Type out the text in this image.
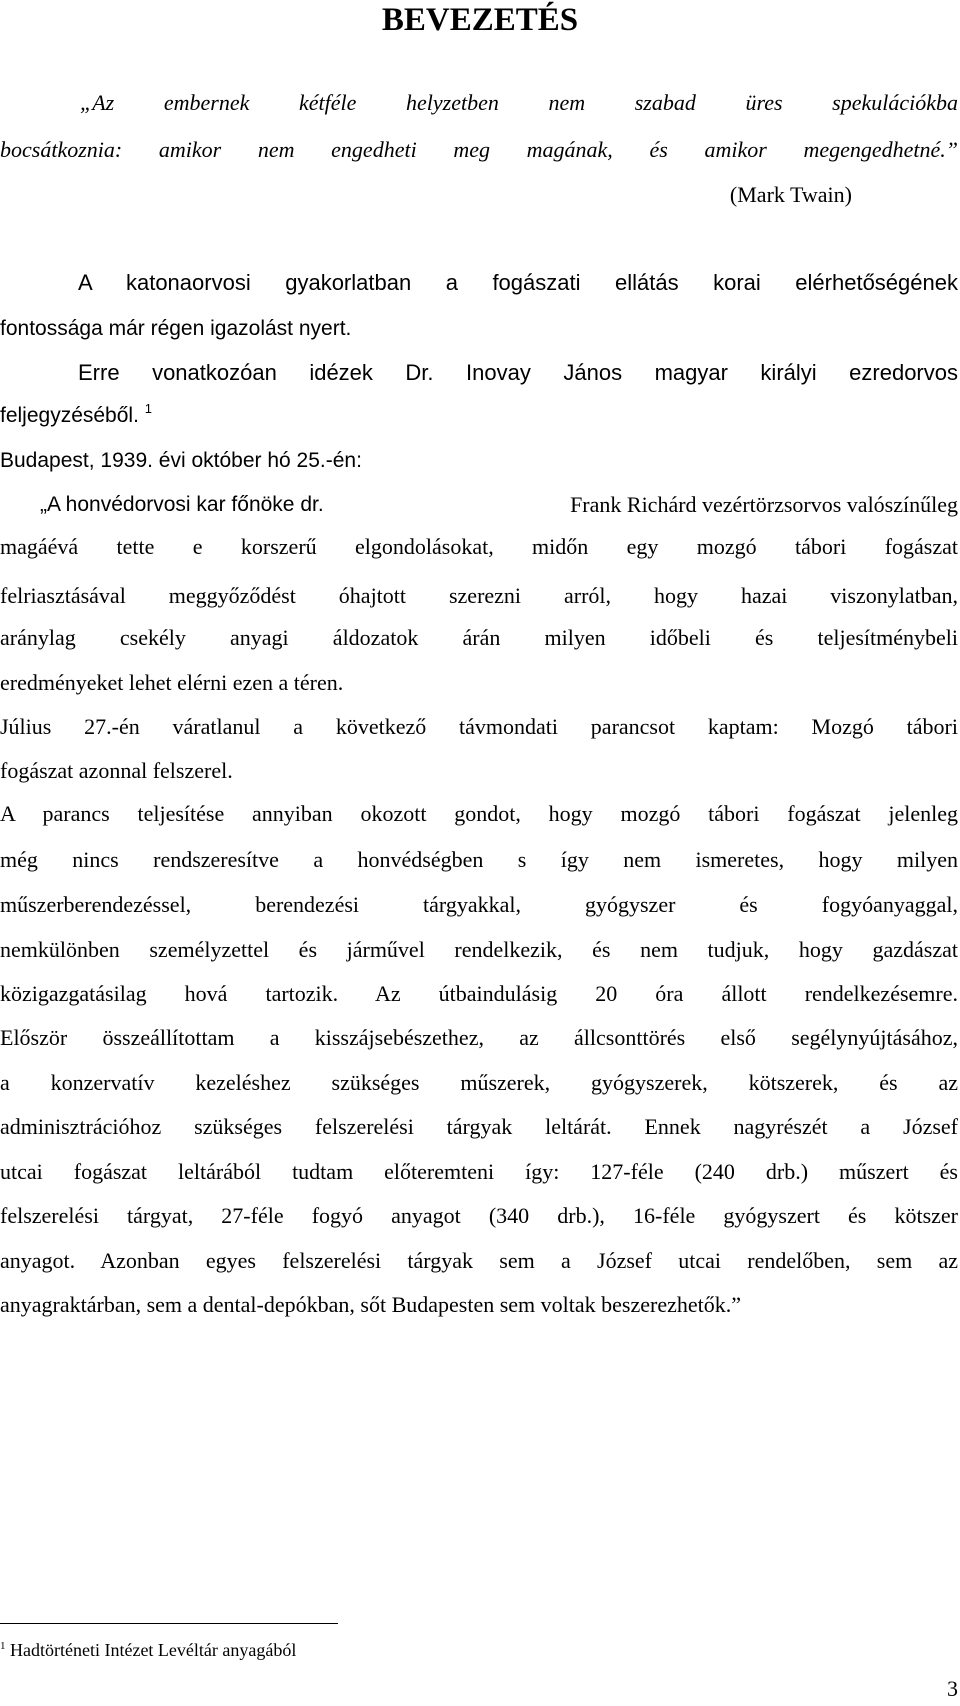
BEVEZETÉS
„Az embernek kétféle helyzetben nem szabad üres spekulációkba
bocsátkoznia: amikor nem engedheti meg magának, és amikor megengedhetné.”
(Mark Twain)
A katonaorvosi gyakorlatban a fogászati ellátás korai elérhetőségének
fontossága már régen igazolást nyert.
Erre vonatkozóan idézek Dr. Inovay János magyar királyi ezredorvos
feljegyzéséből. $^1$
Budapest, 1939. évi október hó 25.-én:
„A honvédorvosi kar főnöke dr.	Frank Richárd vezértörzsorvos valószínűleg
magáévá tette e korszerű elgondolásokat, midőn egy mozgó tábori fogászat
felriasztásával meggyőződést óhajtott szerezni arról, hogy hazai viszonylatban,
aránylag csekély anyagi áldozatok árán milyen időbeli és teljesítménybeli
eredményeket lehet elérni ezen a téren.
Július 27.-én váratlanul a következő távmondati parancsot kaptam: Mozgó tábori
fogászat azonnal felszerel.
A parancs teljesítése annyiban okozott gondot, hogy mozgó tábori fogászat jelenleg
még nincs rendszeresítve a honvédségben s így nem ismeretes, hogy milyen
műszerberendezéssel, berendezési tárgyakkal, gyógyszer és fogyóanyaggal,
nemkülönben személyzettel és járművel rendelkezik, és nem tudjuk, hogy gazdászat
közigazgatásilag hová tartozik. Az útbaindulásig 20 óra állott rendelkezésemre.
Először összeállítottam a kisszájsebészethez, az állcsonttörés első segélynyújtásához,
a konzervatív kezeléshez szükséges műszerek, gyógyszerek, kötszerek, és az
adminisztrációhoz szükséges felszerelési tárgyak leltárát. Ennek nagyrészét a József
utcai fogászat leltárából tudtam előteremteni így: 127-féle (240 drb.) műszert és
felszerelési tárgyat, 27-féle fogyó anyagot (340 drb.), 16-féle gyógyszert és kötszer
anyagot. Azonban egyes felszerelési tárgyak sem a József utcai rendelőben, sem az
anyagraktárban, sem a dental-depókban, sőt Budapesten sem voltak beszerezhetők.”
$^1$ Hadtörténeti Intézet Levéltár anyagából
3
